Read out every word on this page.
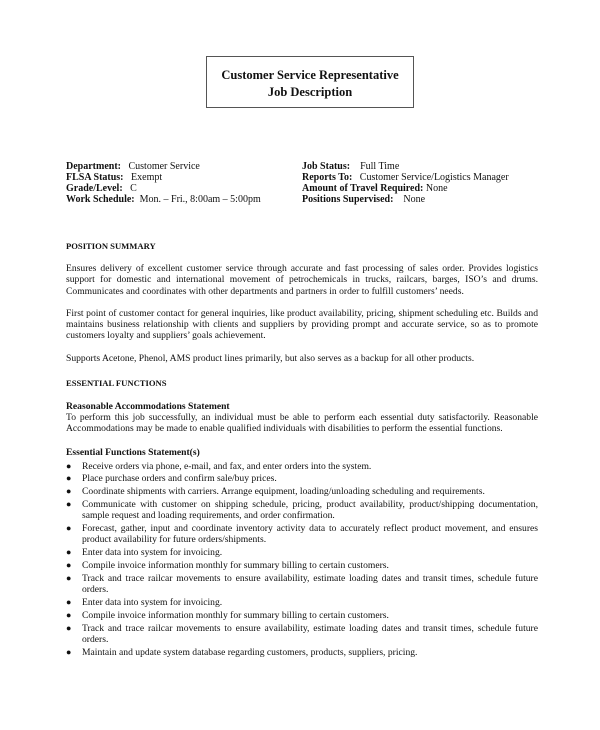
Customer Service Representative
Job Description
Department: Customer Service
FLSA Status: Exempt
Grade/Level: C
Work Schedule: Mon. – Fri., 8:00am – 5:00pm
Job Status: Full Time
Reports To: Customer Service/Logistics Manager
Amount of Travel Required: None
Positions Supervised: None
POSITION SUMMARY

Ensures delivery of excellent customer service through accurate and fast processing of sales order. Provides logistics support for domestic and international movement of petrochemicals in trucks, railcars, barges, ISO’s and drums. Communicates and coordinates with other departments and partners in order to fulfill customers’ needs.

First point of customer contact for general inquiries, like product availability, pricing, shipment scheduling etc. Builds and maintains business relationship with clients and suppliers by providing prompt and accurate service, so as to promote customers loyalty and suppliers’ goals achievement.

Supports Acetone, Phenol, AMS product lines primarily, but also serves as a backup for all other products.

ESSENTIAL FUNCTIONS
Reasonable Accommodations Statement

To perform this job successfully, an individual must be able to perform each essential duty satisfactorily. Reasonable Accommodations may be made to enable qualified individuals with disabilities to perform the essential functions.

Essential Functions Statement(s)
● Receive orders via phone, e-mail, and fax, and enter orders into the system.
● Place purchase orders and confirm sale/buy prices.
● Coordinate shipments with carriers. Arrange equipment, loading/unloading scheduling and requirements.
● Communicate with customer on shipping schedule, pricing, product availability, product/shipping documentation, sample request and loading requirements, and order confirmation.
● Forecast, gather, input and coordinate inventory activity data to accurately reflect product movement, and ensures product availability for future orders/shipments.
● Enter data into system for invoicing.
● Compile invoice information monthly for summary billing to certain customers.
● Track and trace railcar movements to ensure availability, estimate loading dates and transit times, schedule future orders.
● Enter data into system for invoicing.
● Compile invoice information monthly for summary billing to certain customers.
● Track and trace railcar movements to ensure availability, estimate loading dates and transit times, schedule future orders.
● Maintain and update system database regarding customers, products, suppliers, pricing.
